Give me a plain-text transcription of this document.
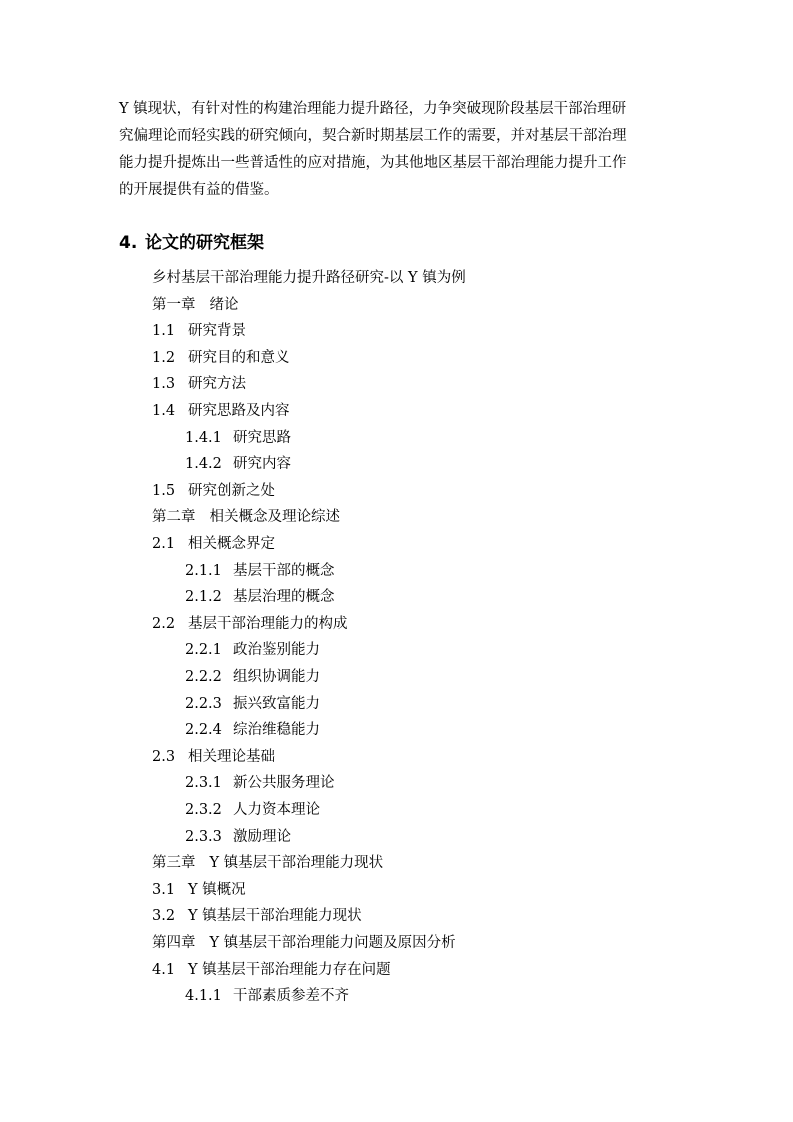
Y 镇现状，有针对性的构建治理能力提升路径，力争突破现阶段基层干部治理研
究偏理论而轻实践的研究倾向，契合新时期基层工作的需要，并对基层干部治理
能力提升提炼出一些普适性的应对措施，为其他地区基层干部治理能力提升工作
的开展提供有益的借鉴。
4. 论文的研究框架
乡村基层干部治理能力提升路径研究-以 Y 镇为例
第一章 绪论
1.1 研究背景
1.2 研究目的和意义
1.3 研究方法
1.4 研究思路及内容
1.4.1 研究思路
1.4.2 研究内容
1.5 研究创新之处
第二章 相关概念及理论综述
2.1 相关概念界定
2.1.1 基层干部的概念
2.1.2 基层治理的概念
2.2 基层干部治理能力的构成
2.2.1 政治鉴别能力
2.2.2 组织协调能力
2.2.3 振兴致富能力
2.2.4 综治维稳能力
2.3 相关理论基础
2.3.1 新公共服务理论
2.3.2 人力资本理论
2.3.3 激励理论
第三章 Y 镇基层干部治理能力现状
3.1 Y 镇概况
3.2 Y 镇基层干部治理能力现状
第四章 Y 镇基层干部治理能力问题及原因分析
4.1 Y 镇基层干部治理能力存在问题
4.1.1 干部素质参差不齐
